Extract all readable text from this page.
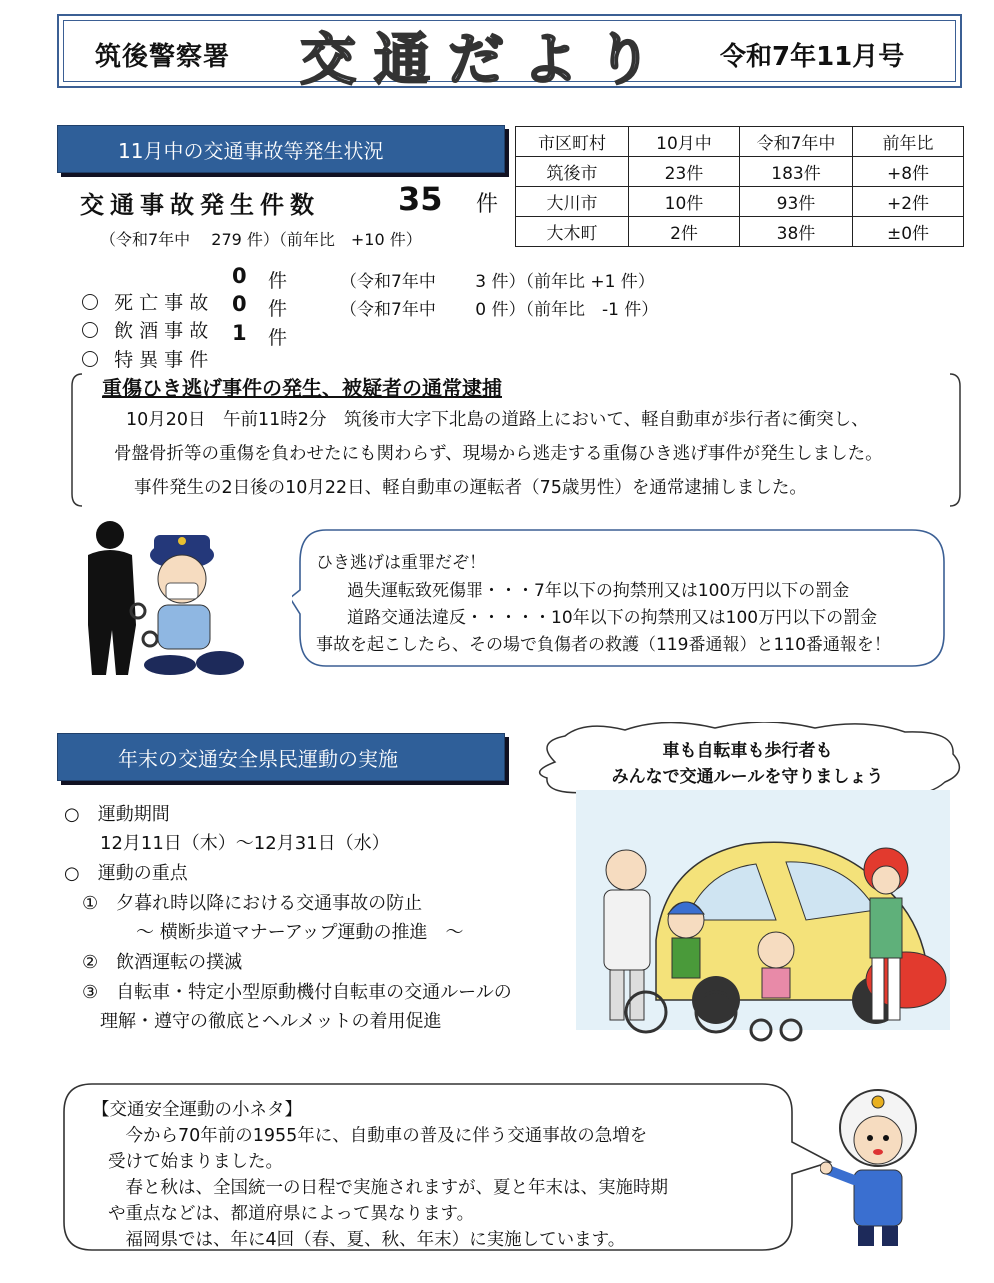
筑後警察署 交通だより 令和7年11月号
11月中の交通事故等発生状況	市区町村	10月中	令和7年中	前年比
筑後市	23件	183件	+8件
大川市	10件	93件	+2件
大木町	2件	38件	±0件
交通事故発生件数 35 件
（令和7年中　 279 件）（前年比　+10 件）

死 亡 事 故

0 件	（令和7年中　　 3 件）（前年比 +1 件）

飲 酒 事 故

0 件	（令和7年中　　 0 件）（前年比　-1 件）

特 異 事 件

1 件
重傷ひき逃げ事件の発生、被疑者の通常逮捕
10月20日　午前11時2分　筑後市大字下北島の道路上において、軽自動車が歩行者に衝突し、
骨盤骨折等の重傷を負わせたにも関わらず、現場から逃走する重傷ひき逃げ事件が発生しました。
事件発生の2日後の10月22日、軽自動車の運転者（75歳男性）を通常逮捕しました。
ひき逃げは重罪だぞ！
　過失運転致死傷罪・・・7年以下の拘禁刑又は100万円以下の罰金
　道路交通法違反・・・・・10年以下の拘禁刑又は100万円以下の罰金
事故を起こしたら、その場で負傷者の救護（119番通報）と110番通報を！
年末の交通安全県民運動の実施
○　運動期間
　　12月11日（木）～12月31日（水）
○　運動の重点
　①　夕暮れ時以降における交通事故の防止
　　　　～ 横断歩道マナーアップ運動の推進　～
　②　飲酒運転の撲滅
　③　自転車・特定小型原動機付自転車の交通ルールの
　　理解・遵守の徹底とヘルメットの着用促進
車も自転車も歩行者も
みんなで交通ルールを守りましょう
【交通安全運動の小ネタ】
　今から70年前の1955年に、自動車の普及に伴う交通事故の急増を
受けて始まりました。
　春と秋は、全国統一の日程で実施されますが、夏と年末は、実施時期
や重点などは、都道府県によって異なります。
　福岡県では、年に4回（春、夏、秋、年末）に実施しています。
